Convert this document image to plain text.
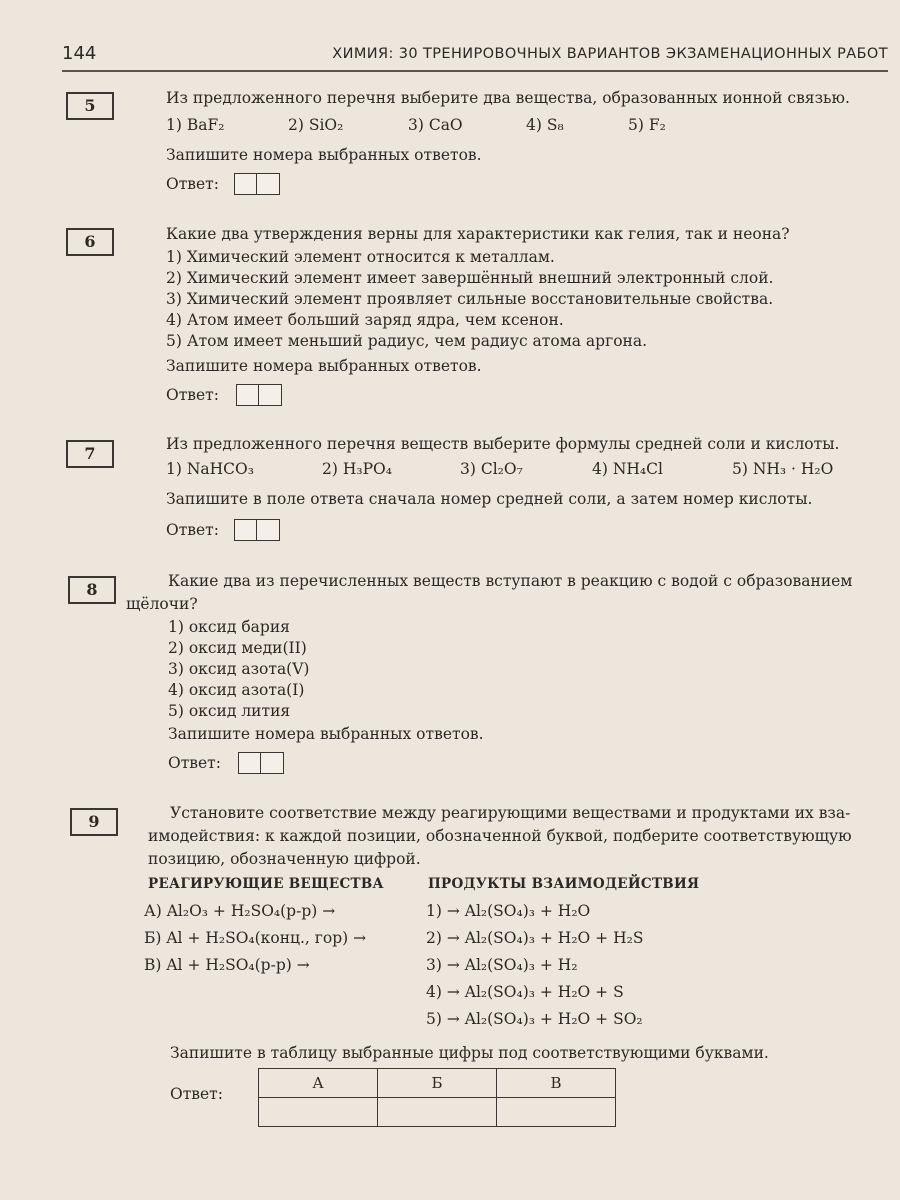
144	ХИМИЯ: 30 ТРЕНИРОВОЧНЫХ ВАРИАНТОВ ЭКЗАМЕНАЦИОННЫХ РАБОТ
5	Из предложенного перечня выберите два вещества, образованных ионной связью.
1) BaF₂	2) SiO₂	3) CaO	4) S₈	5) F₂
Запишите номера выбранных ответов.
Ответ:
6	Какие два утверждения верны для характеристики как гелия, так и неона?
1) Химический элемент относится к металлам.
2) Химический элемент имеет завершённый внешний электронный слой.
3) Химический элемент проявляет сильные восстановительные свойства.
4) Атом имеет больший заряд ядра, чем ксенон.
5) Атом имеет меньший радиус, чем радиус атома аргона.
Запишите номера выбранных ответов.
Ответ:
7	Из предложенного перечня веществ выберите формулы средней соли и кислоты.
1) NaHCO₃	2) H₃PO₄	3) Cl₂O₇	4) NH₄Cl	5) NH₃ · H₂O
Запишите в поле ответа сначала номер средней соли, а затем номер кислоты.
Ответ:
8	Какие два из перечисленных веществ вступают в реакцию с водой с образованием
щёлочи?
1) оксид бария
2) оксид меди(II)
3) оксид азота(V)
4) оксид азота(I)
5) оксид лития
Запишите номера выбранных ответов.
Ответ:
9	Установите соответствие между реагирующими веществами и продуктами их вза-
имодействия: к каждой позиции, обозначенной буквой, подберите соответствующую
позицию, обозначенную цифрой.
РЕАГИРУЮЩИЕ ВЕЩЕСТВА	ПРОДУКТЫ ВЗАИМОДЕЙСТВИЯ
А) Al₂O₃ + H₂SO₄(р-р) →
Б) Al + H₂SO₄(конц., гор) →
В) Al + H₂SO₄(р-р) →
1) → Al₂(SO₄)₃ + H₂O
2) → Al₂(SO₄)₃ + H₂O + H₂S
3) → Al₂(SO₄)₃ + H₂
4) → Al₂(SO₄)₃ + H₂O + S
5) → Al₂(SO₄)₃ + H₂O + SO₂
Запишите в таблицу выбранные цифры под соответствующими буквами.
Ответ:
А	Б	В
